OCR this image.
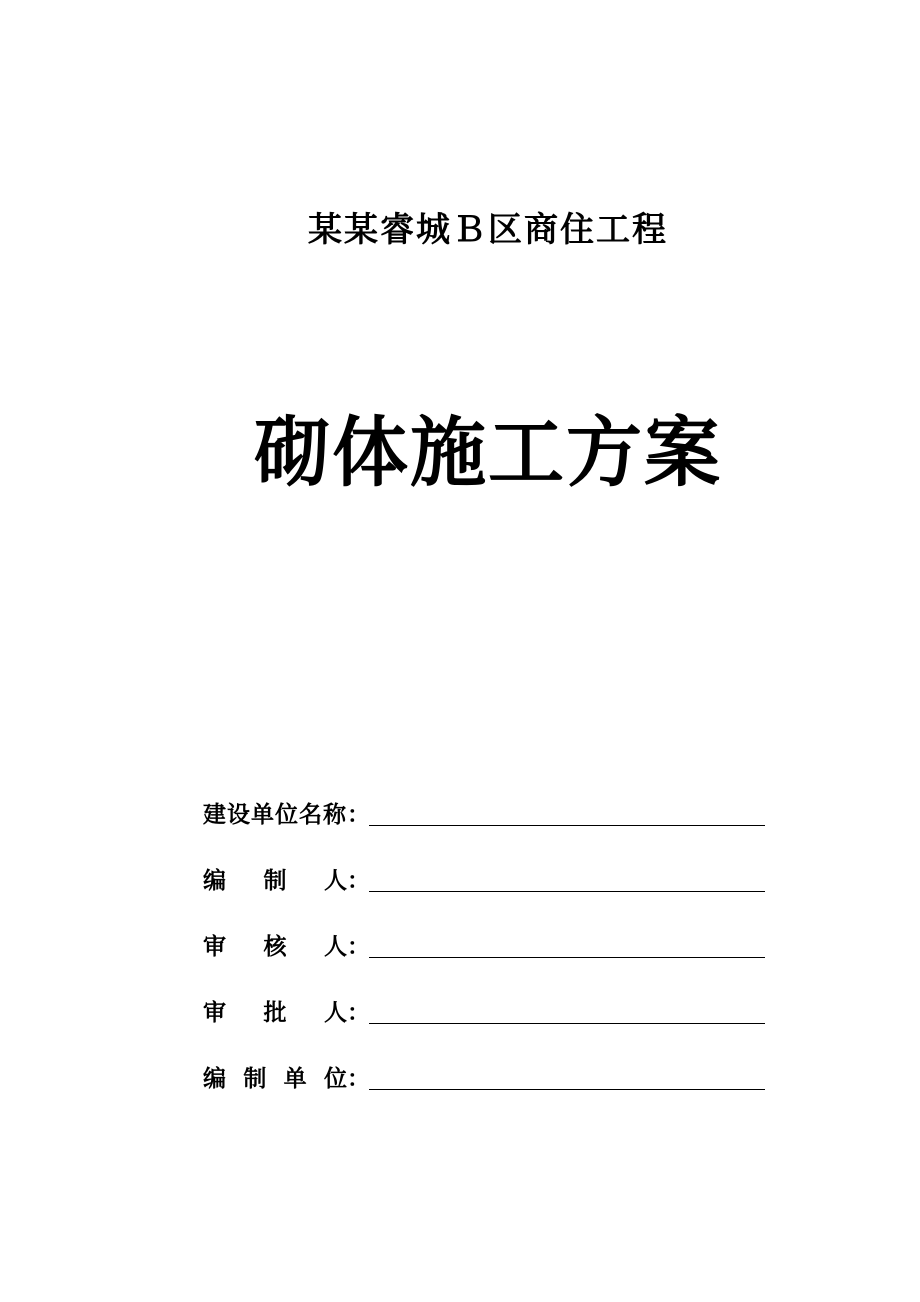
某某睿城Ｂ区商住工程
砌体施工方案
建设单位名称：
编 制 人 ：
审 核 人 ：
审 批 人 ：
编 制 单 位 ：
